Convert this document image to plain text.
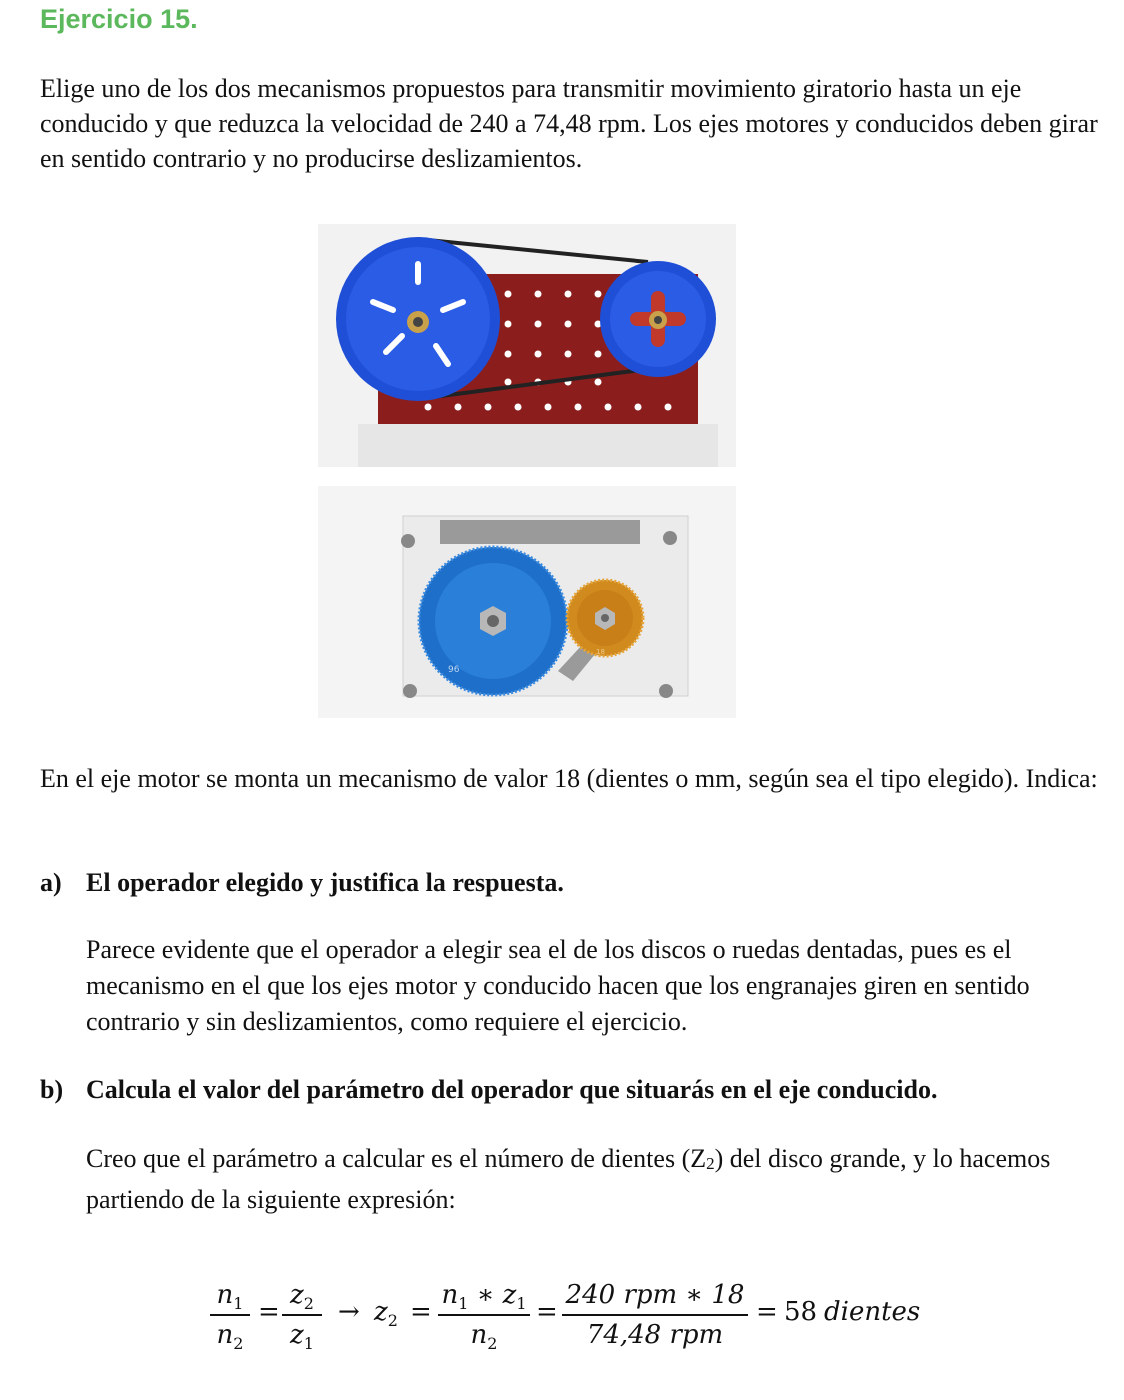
Ejercicio 15.
Elige uno de los dos mecanismos propuestos para transmitir movimiento giratorio hasta un eje conducido y que reduzca la velocidad de 240 a 74,48 rpm. Los ejes motores y conducidos deben girar en sentido contrario y no producirse deslizamientos.
96
18
En el eje motor se monta un mecanismo de valor 18 (dientes o mm, según sea el tipo elegido). Indica:
a) El operador elegido y justifica la respuesta.
Parece evidente que el operador a elegir sea el de los discos o ruedas dentadas, pues es el mecanismo en el que los ejes motor y conducido hacen que los engranajes giren en sentido contrario y sin deslizamientos, como requiere el ejercicio.
b) Calcula el valor del parámetro del operador que situarás en el eje conducido.
Creo que el parámetro a calcular es el número de dientes (Z2) del disco grande, y lo hacemos partiendo de la siguiente expresión:
$n_1$
$n_2$
=
$z_2$
$z_1$
→ $z_2$ =
$n_1$ ∗ $z_1$
$n_2$
=
240 rpm ∗ 18
74,48 rpm
= 58 dientes
